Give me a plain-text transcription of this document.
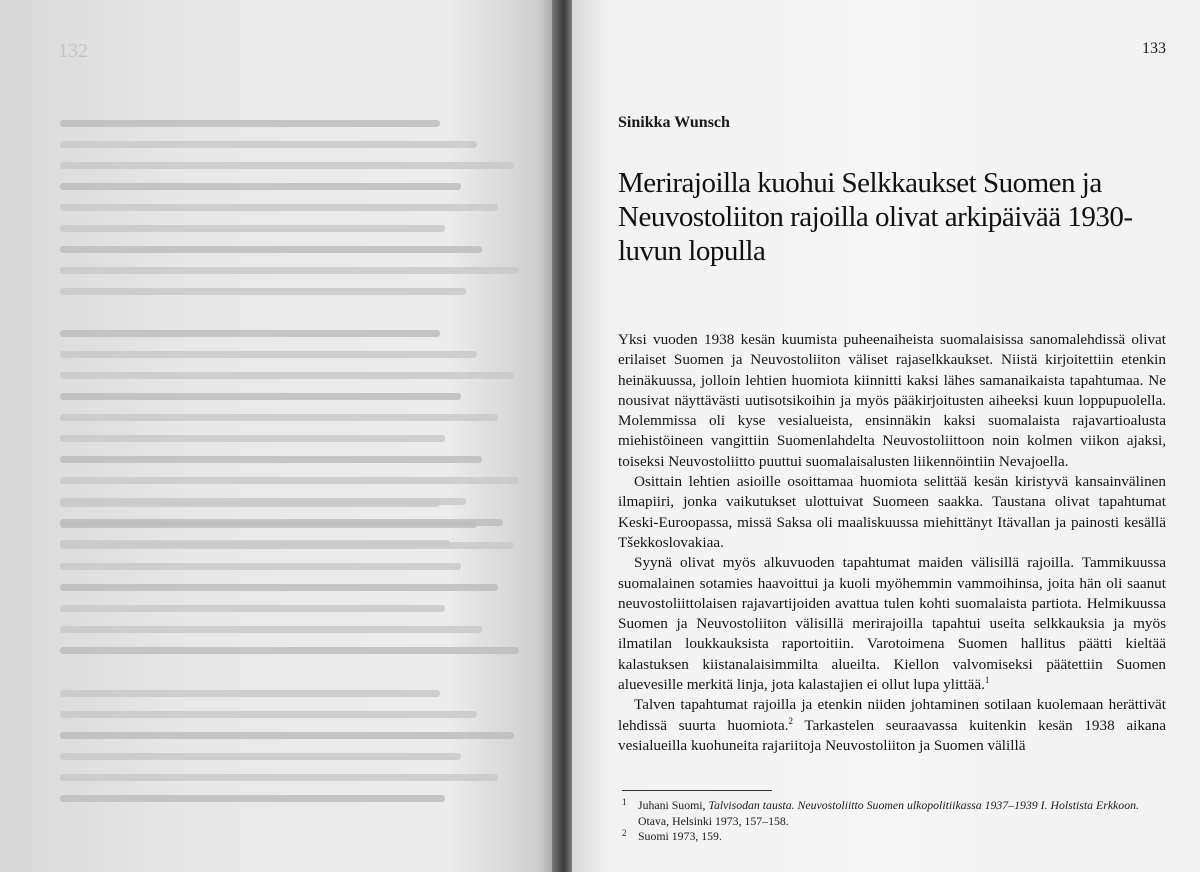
132	133
Sinikka Wunsch
Merirajoilla kuohui Selkkaukset Suomen ja Neuvostoliiton rajoilla olivat arkipäivää 1930-luvun lopulla

Yksi vuoden 1938 kesän kuumista puheenaiheista suomalaisissa sanomalehdissä olivat erilaiset Suomen ja Neuvostoliiton väliset rajaselkkaukset. Niistä kirjoitettiin etenkin heinäkuussa, jolloin lehtien huomiota kiinnitti kaksi lähes samanaikaista tapahtumaa. Ne nousivat näyttävästi uutisotsikoihin ja myös pääkirjoitusten aiheeksi kuun loppupuolella. Molemmissa oli kyse vesialueista, ensinnäkin kaksi suomalaista rajavartioalusta miehistöineen vangittiin Suomenlahdelta Neuvostoliittoon noin kolmen viikon ajaksi, toiseksi Neuvostoliitto puuttui suomalaisalusten liikennöintiin Nevajoella.

Osittain lehtien asioille osoittamaa huomiota selittää kesän kiristyvä kansainvälinen ilmapiiri, jonka vaikutukset ulottuivat Suomeen saakka. Taustana olivat tapahtumat Keski-Euroopassa, missä Saksa oli maaliskuussa miehittänyt Itävallan ja painosti kesällä Tšekkoslovakiaa.

Syynä olivat myös alkuvuoden tapahtumat maiden välisillä rajoilla. Tammikuussa suomalainen sotamies haavoittui ja kuoli myöhemmin vammoihinsa, joita hän oli saanut neuvostoliittolaisen rajavartijoiden avattua tulen kohti suomalaista partiota. Helmikuussa Suomen ja Neuvostoliiton välisillä merirajoilla tapahtui useita selkkauksia ja myös ilmatilan loukkauksista raportoitiin. Varotoimena Suomen hallitus päätti kieltää kalastuksen kiistanalaisimmilta alueilta. Kiellon valvomiseksi päätettiin Suomen aluevesille merkitä linja, jota kalastajien ei ollut lupa ylittää.$^1$

Talven tapahtumat rajoilla ja etenkin niiden johtaminen sotilaan kuolemaan herättivät lehdissä suurta huomiota.$^2$ Tarkastelen seuraavassa kuitenkin kesän 1938 aikana vesialueilla kuohuneita rajariitoja Neuvostoliiton ja Suomen välillä

1 Juhani Suomi, Talvisodan tausta. Neuvostoliitto Suomen ulkopolitiikassa 1937–1939 I. Holstista Erkkoon. Otava, Helsinki 1973, 157–158.
2 Suomi 1973, 159.
